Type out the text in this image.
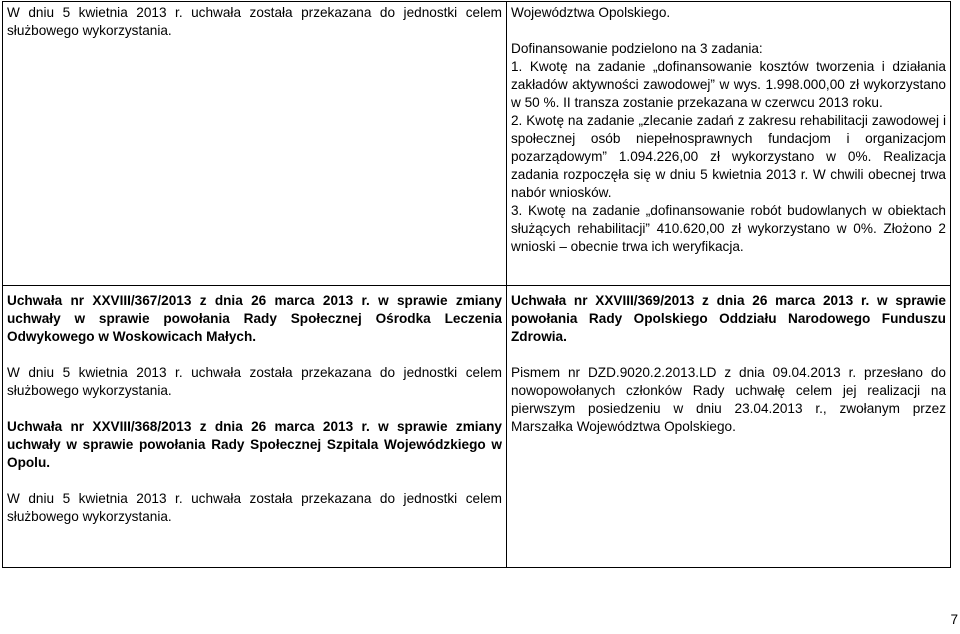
W dniu 5 kwietnia 2013 r. uchwała została przekazana do jednostki celem służbowego wykorzystania.

Województwa Opolskiego.

Dofinansowanie podzielono na 3 zadania:

1. Kwotę na zadanie „dofinansowanie kosztów tworzenia i działania zakładów aktywności zawodowej” w wys. 1.998.000,00 zł wykorzystano w 50 %. II transza zostanie przekazana w czerwcu 2013 roku.

2. Kwotę na zadanie „zlecanie zadań z zakresu rehabilitacji zawodowej i społecznej osób niepełnosprawnych fundacjom i organizacjom pozarządowym” 1.094.226,00 zł wykorzystano w 0%. Realizacja zadania rozpoczęła się w dniu 5 kwietnia 2013 r. W chwili obecnej trwa nabór wniosków.

3. Kwotę na zadanie „dofinansowanie robót budowlanych w obiektach służących rehabilitacji” 410.620,00 zł wykorzystano w 0%. Złożono 2 wnioski – obecnie trwa ich weryfikacja.

Uchwała nr XXVIII/367/2013 z dnia 26 marca 2013 r. w sprawie zmiany uchwały w sprawie powołania Rady Społecznej Ośrodka Leczenia Odwykowego w Woskowicach Małych.

W dniu 5 kwietnia 2013 r. uchwała została przekazana do jednostki celem służbowego wykorzystania.

Uchwała nr XXVIII/368/2013 z dnia 26 marca 2013 r. w sprawie zmiany uchwały w sprawie powołania Rady Społecznej Szpitala Wojewódzkiego w Opolu.

W dniu 5 kwietnia 2013 r. uchwała została przekazana do jednostki celem służbowego wykorzystania.

Uchwała nr XXVIII/369/2013 z dnia 26 marca 2013 r. w sprawie powołania Rady Opolskiego Oddziału Narodowego Funduszu Zdrowia.

Pismem nr DZD.9020.2.2013.LD z dnia 09.04.2013 r. przesłano do nowopowołanych członków Rady uchwałę celem jej realizacji na pierwszym posiedzeniu w dniu 23.04.2013 r., zwołanym przez Marszałka Województwa Opolskiego.

7
